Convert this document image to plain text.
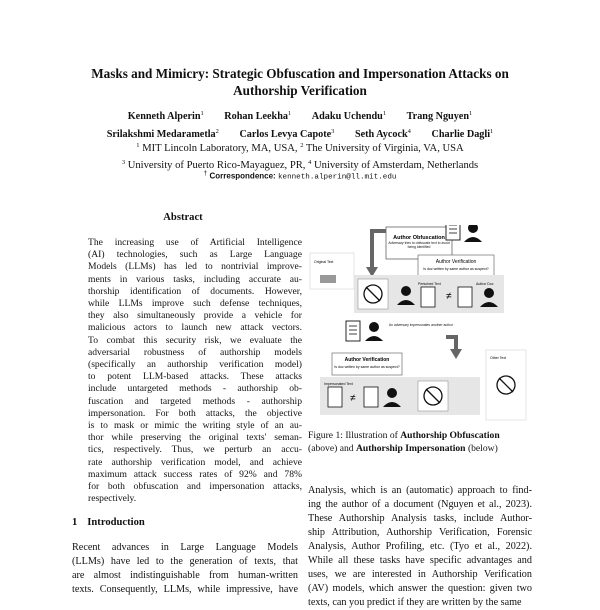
Masks and Mimicry: Strategic Obfuscation and Impersonation Attacks on
Authorship Verification
Kenneth Alperin$^1$ Rohan Leekha$^1$ Adaku Uchendu$^1$ Trang Nguyen$^1$
Srilakshmi Medarametla$^2$ Carlos Levya Capote$^3$ Seth Aycock$^4$ Charlie Dagli$^1$
$^1$ MIT Lincoln Laboratory, MA, USA, $^2$ The University of Virginia, VA, USA
$^3$ University of Puerto Rico-Mayaguez, PR, $^4$ University of Amsterdam, Netherlands
† Correspondence: kenneth.alperin@ll.mit.edu
Abstract
The increasing use of Artificial Intelligence
(AI) technologies, such as Large Language
Models (LLMs) has led to nontrivial improve-
ments in various tasks, including accurate au-
thorship identification of documents. However,
while LLMs improve such defense techniques,
they also simultaneously provide a vehicle for
malicious actors to launch new attack vectors.
To combat this security risk, we evaluate the
adversarial robustness of authorship models
(specifically an authorship verification model)
to potent LLM-based attacks. These attacks
include untargeted methods - authorship ob-
fuscation and targeted methods - authorship
impersonation. For both attacks, the objective
is to mask or mimic the writing style of an au-
thor while preserving the original texts' seman-
tics, respectively. Thus, we perturb an accu-
rate authorship verification model, and achieve
maximum attack success rates of 92% and 78%
for both obfuscation and impersonation attacks,
respectively.
1 Introduction
Recent advances in Large Language Models
(LLMs) have led to the generation of texts, that
are almost indistinguishable from human-written
texts. Consequently, LLMs, while impressive, have
Analysis, which is an (automatic) approach to find-
ing the author of a document (Nguyen et al., 2023).
These Authorship Analysis tasks, include Author-
ship Attribution, Authorship Verification, Forensic
Analysis, Author Profiling, etc. (Tyo et al., 2022).
While all these tasks have specific advantages and
uses, we are interested in Authorship Verification
(AV) models, which answer the question: given two
texts, can you predict if they are written by the same
Author Obfuscation
Adversary tries to obfuscate text to avoid being identified
Original Text	Author Verification
Is doc written by same author as suspect?
Perturbed Text
≠
Author Doc
An adversary impersonates another author
Author Verification
Is doc written by same author as suspect?
Impersonated Text
≠
Other Text
Figure 1: Illustration of Authorship Obfuscation
(above) and Authorship Impersonation (below)
